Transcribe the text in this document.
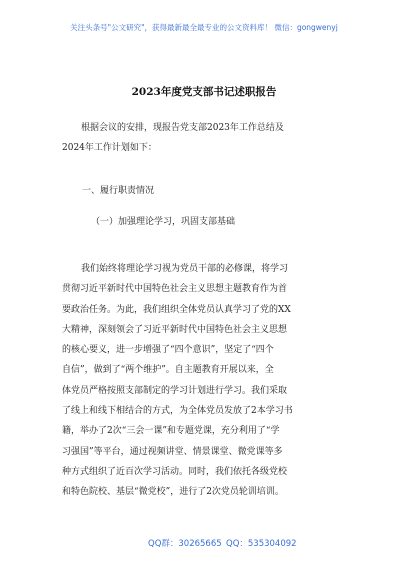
关注头条号"公文研究"，获得最新最全最专业的公文资料库！ 微信：gongwenyj
2023年度党支部书记述职报告
根据会议的安排，现报告党支部2023年工作总结及
2024年工作计划如下：
一、履行职责情况
（一）加强理论学习，巩固支部基础
我们始终将理论学习视为党员干部的必修课，将学习
贯彻习近平新时代中国特色社会主义思想主题教育作为首
要政治任务。为此，我们组织全体党员认真学习了党的XX
大精神，深刻领会了习近平新时代中国特色社会主义思想
的核心要义，进一步增强了“四个意识”，坚定了“四个
自信”，做到了“两个维护”。自主题教育开展以来，全
体党员严格按照支部制定的学习计划进行学习。我们采取
了线上和线下相结合的方式，为全体党员发放了2本学习书
籍，举办了2次“三会一课”和专题党课，充分利用了“学
习强国”等平台，通过视频讲堂、情景课堂、微党课等多
种方式组织了近百次学习活动。同时，我们依托各级党校
和特色院校、基层“微党校”，进行了2次党员轮训培训。
QQ群：30265665 QQ：535304092
